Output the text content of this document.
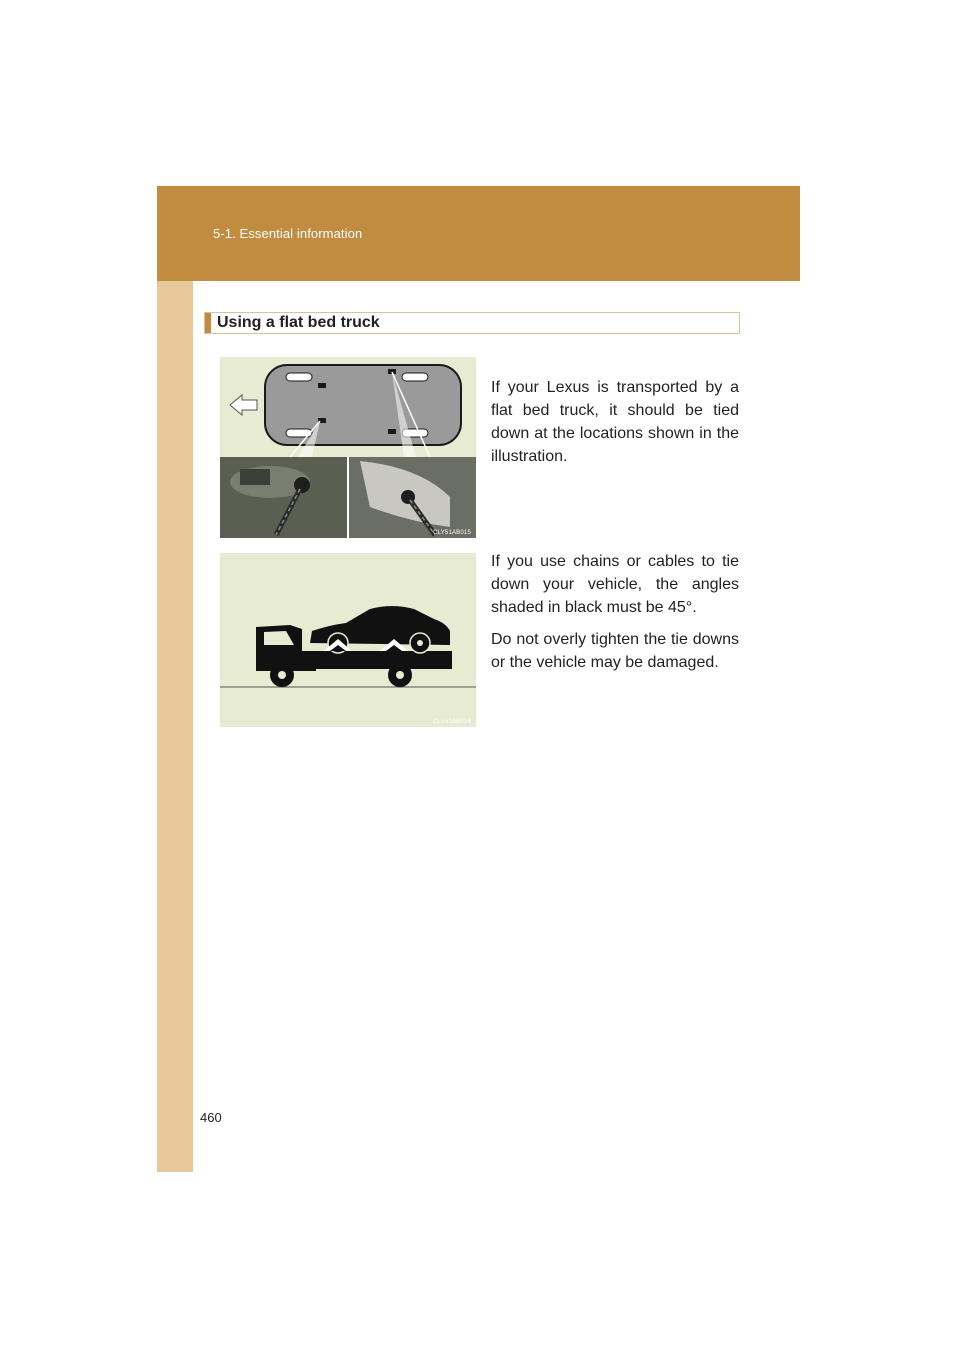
5-1. Essential information
Using a flat bed truck
CLY51AB015

If your Lexus is transported by a flat bed truck, it should be tied down at the locations shown in the illustration.

CLY51AB014

If you use chains or cables to tie down your vehicle, the angles shaded in black must be 45°.

Do not overly tighten the tie downs or the vehicle may be damaged.

460
